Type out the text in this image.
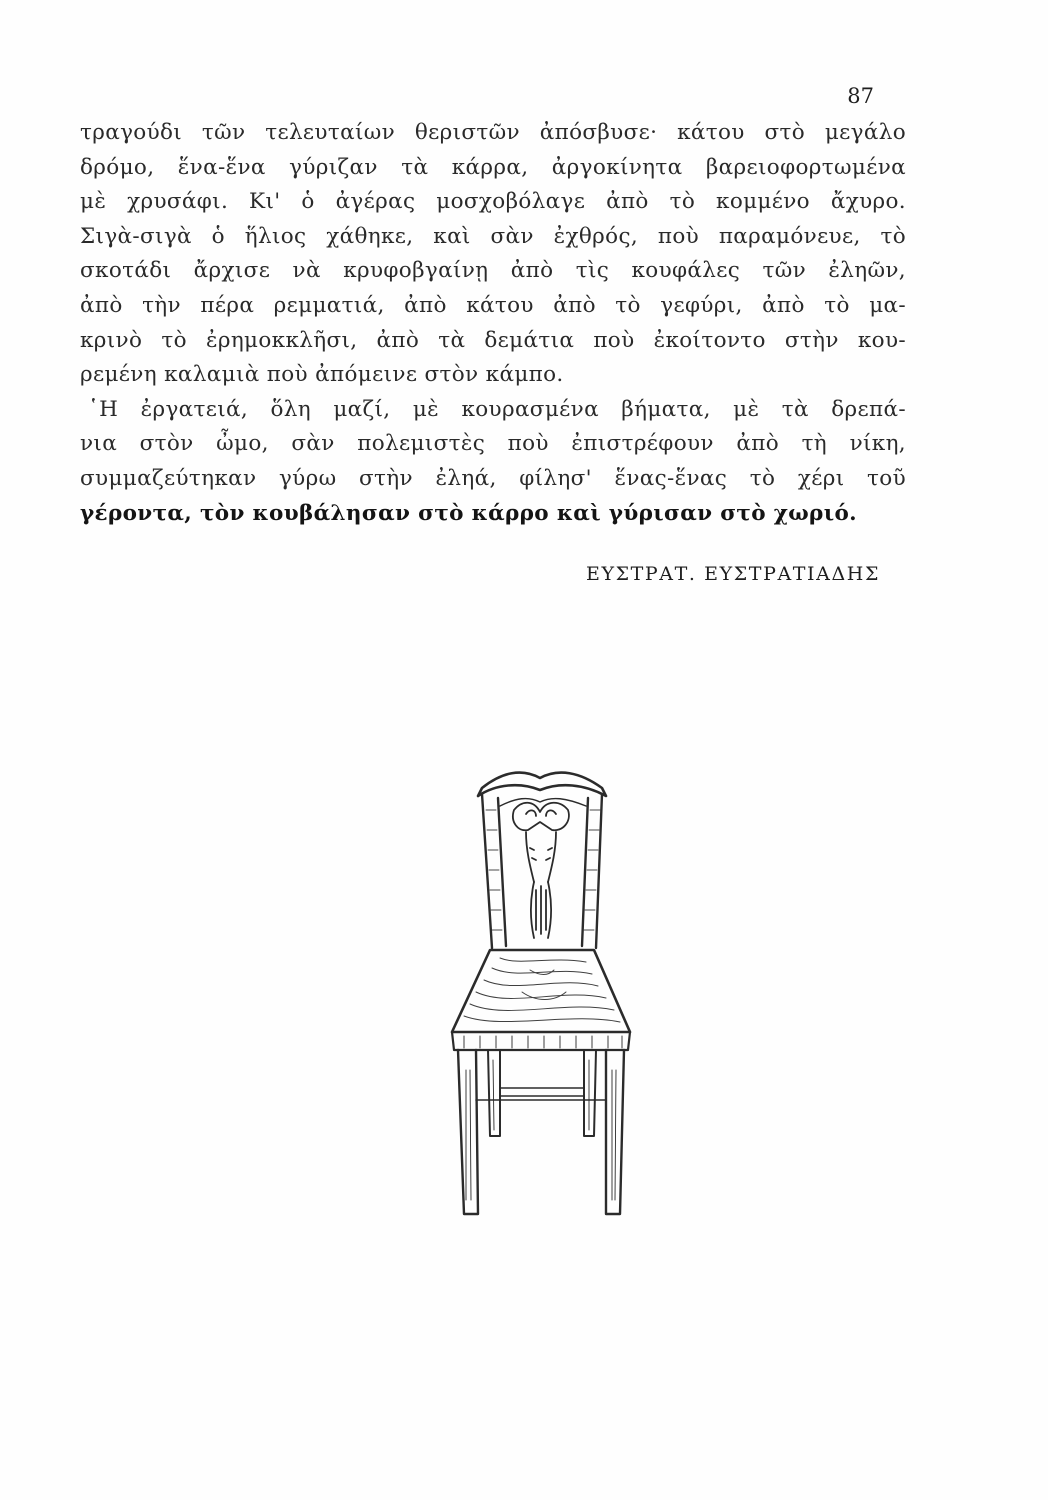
87
τραγούδι τῶν τελευταίων θεριστῶν ἀπόσβυσε· κάτου στὸ μεγάλο
δρόμο, ἕνα-ἕνα γύριζαν τὰ κάρρα, ἀργοκίνητα βαρειοφορτωμένα
μὲ χρυσάφι. Κι' ὁ ἀγέρας μοσχοβόλαγε ἀπὸ τὸ κομμένο ἄχυρο.
Σιγὰ-σιγὰ ὁ ἥλιος χάθηκε, καὶ σὰν ἐχθρός, ποὺ παραμόνευε, τὸ
σκοτάδι ἄρχισε νὰ κρυφοβγαίνῃ ἀπὸ τὶς κουφάλες τῶν ἐληῶν,
ἀπὸ τὴν πέρα ρεμματιά, ἀπὸ κάτου ἀπὸ τὸ γεφύρι, ἀπὸ τὸ μα-
κρινὸ τὸ ἐρημοκκλῆσι, ἀπὸ τὰ δεμάτια ποὺ ἐκοίτοντο στὴν κου-
ρεμένη καλαμιὰ ποὺ ἀπόμεινε στὸν κάμπο.
῾Η ἐργατειά, ὅλη μαζί, μὲ κουρασμένα βήματα, μὲ τὰ δρεπά-
νια στὸν ὦμο, σὰν πολεμιστὲς ποὺ ἐπιστρέφουν ἀπὸ τὴ νίκη,
συμμαζεύτηκαν γύρω στὴν ἐληά, φίλησ' ἕνας-ἕνας τὸ χέρι τοῦ
γέροντα, τὸν κουβάλησαν στὸ κάρρο καὶ γύρισαν στὸ χωριό.
ΕΥΣΤΡΑΤ. ΕΥΣΤΡΑΤΙΑΔΗΣ
